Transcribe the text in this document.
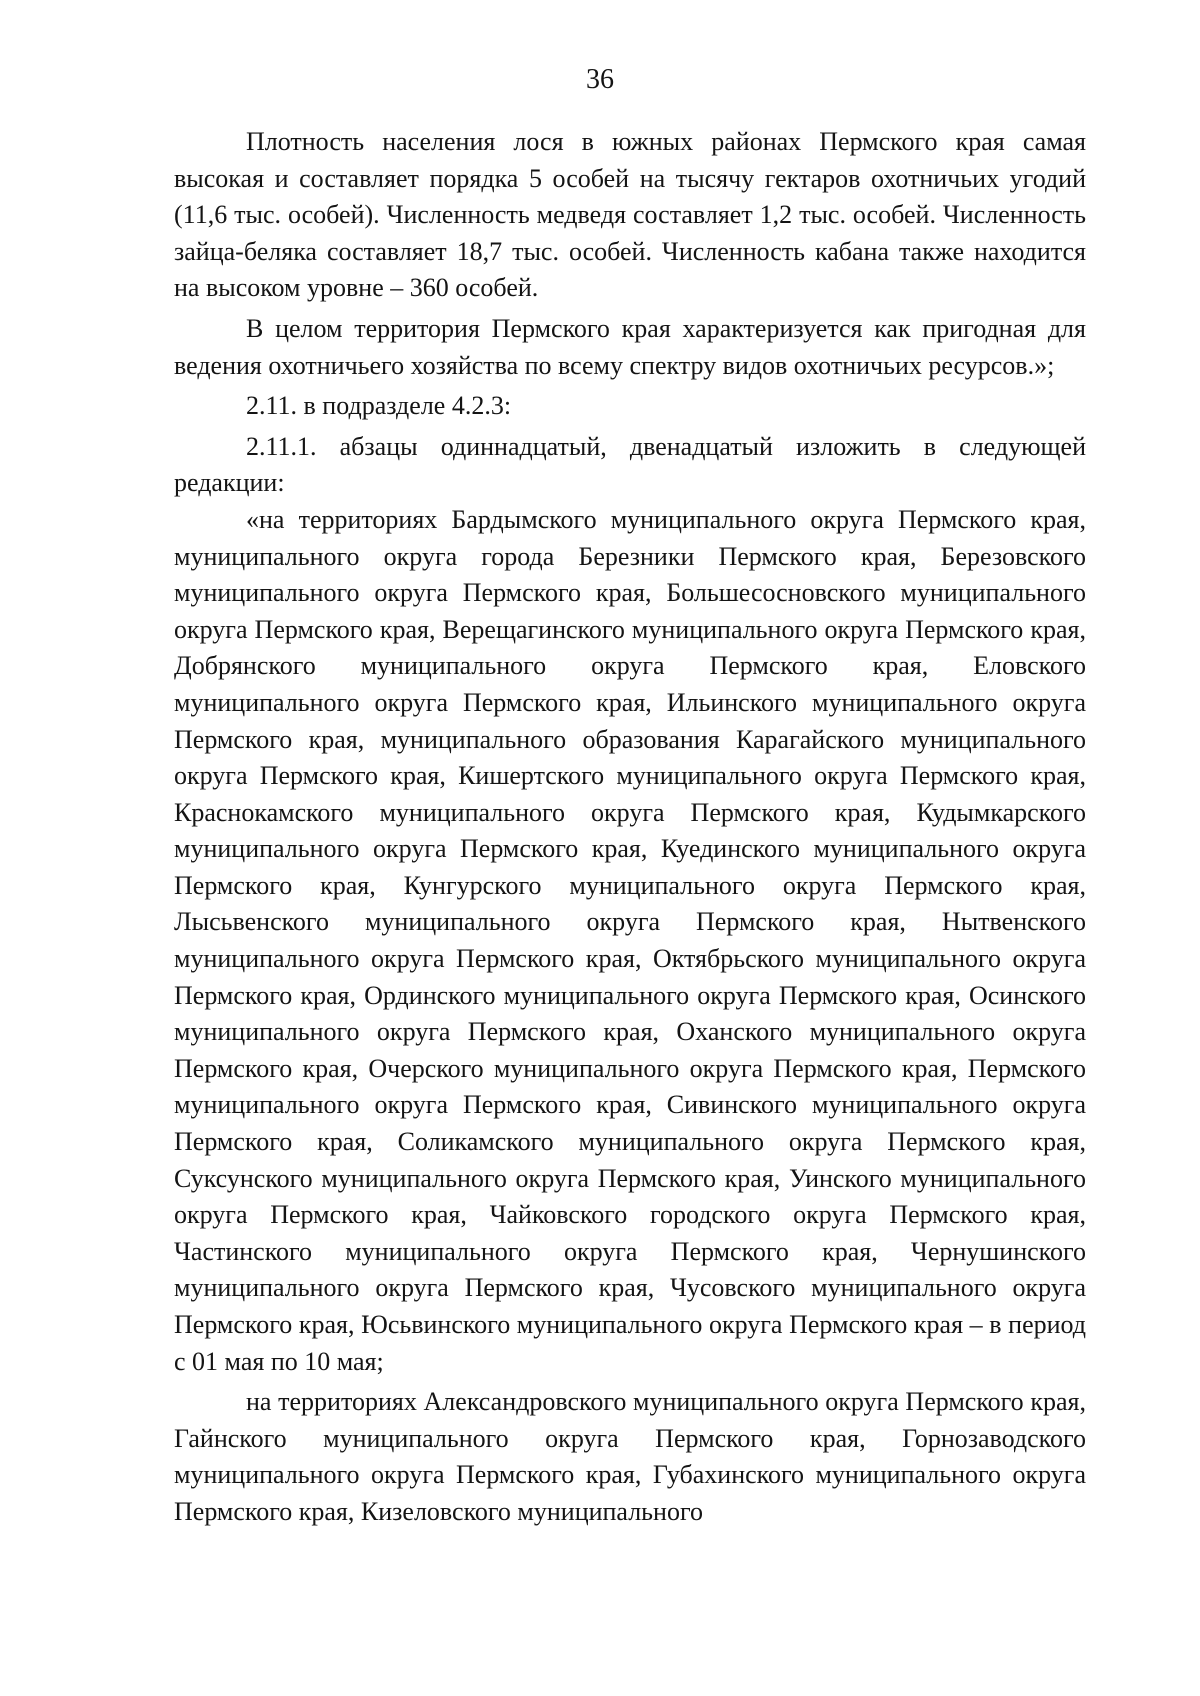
36

Плотность населения лося в южных районах Пермского края самая высокая и составляет порядка 5 особей на тысячу гектаров охотничьих угодий (11,6 тыс. особей). Численность медведя составляет 1,2 тыс. особей. Численность зайца-беляка составляет 18,7 тыс. особей. Численность кабана также находится на высоком уровне – 360 особей.

В целом территория Пермского края характеризуется как пригодная для ведения охотничьего хозяйства по всему спектру видов охотничьих ресурсов.»;

2.11. в подразделе 4.2.3:

2.11.1. абзацы одиннадцатый, двенадцатый изложить в следующей редакции:

«на территориях Бардымского муниципального округа Пермского края, муниципального округа города Березники Пермского края, Березовского муниципального округа Пермского края, Большесосновского муниципального округа Пермского края, Верещагинского муниципального округа Пермского края, Добрянского муниципального округа Пермского края, Еловского муниципального округа Пермского края, Ильинского муниципального округа Пермского края, муниципального образования Карагайского муниципального округа Пермского края, Кишертского муниципального округа Пермского края, Краснокамского муниципального округа Пермского края, Кудымкарского муниципального округа Пермского края, Куединского муниципального округа Пермского края, Кунгурского муниципального округа Пермского края, Лысьвенского муниципального округа Пермского края, Нытвенского муниципального округа Пермского края, Октябрьского муниципального округа Пермского края, Ординского муниципального округа Пермского края, Осинского муниципального округа Пермского края, Оханского муниципального округа Пермского края, Очерского муниципального округа Пермского края, Пермского муниципального округа Пермского края, Сивинского муниципального округа Пермского края, Соликамского муниципального округа Пермского края, Суксунского муниципального округа Пермского края, Уинского муниципального округа Пермского края, Чайковского городского округа Пермского края, Частинского муниципального округа Пермского края, Чернушинского муниципального округа Пермского края, Чусовского муниципального округа Пермского края, Юсьвинского муниципального округа Пермского края – в период с 01 мая по 10 мая;

на территориях Александровского муниципального округа Пермского края, Гайнского муниципального округа Пермского края, Горнозаводского муниципального округа Пермского края, Губахинского муниципального округа Пермского края, Кизеловского муниципального
